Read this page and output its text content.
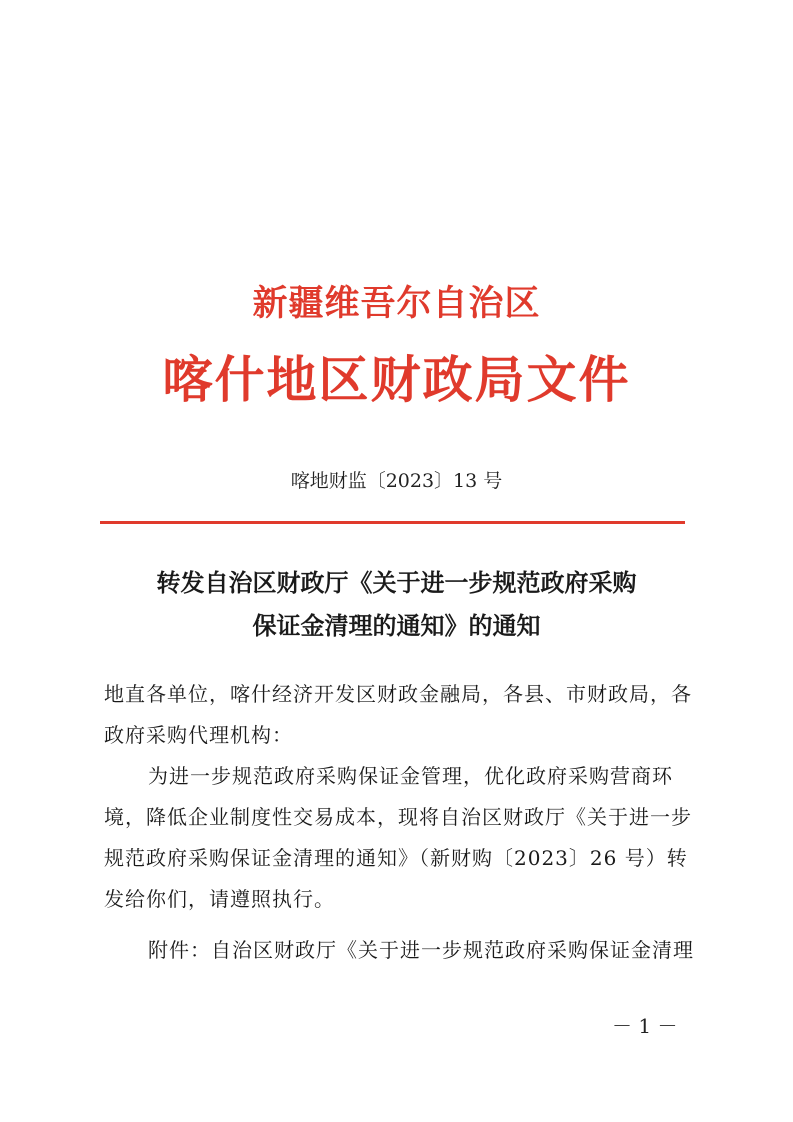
新疆维吾尔自治区
喀什地区财政局文件
喀地财监〔2023〕13 号
转发自治区财政厅《关于进一步规范政府采购
保证金清理的通知》的通知
地直各单位，喀什经济开发区财政金融局，各县、市财政局，各
政府采购代理机构：
为进一步规范政府采购保证金管理，优化政府采购营商环
境，降低企业制度性交易成本，现将自治区财政厅《关于进一步
规范政府采购保证金清理的通知》（新财购〔2023〕26 号）转
发给你们，请遵照执行。
附件：自治区财政厅《关于进一步规范政府采购保证金清理
－ 1 －
